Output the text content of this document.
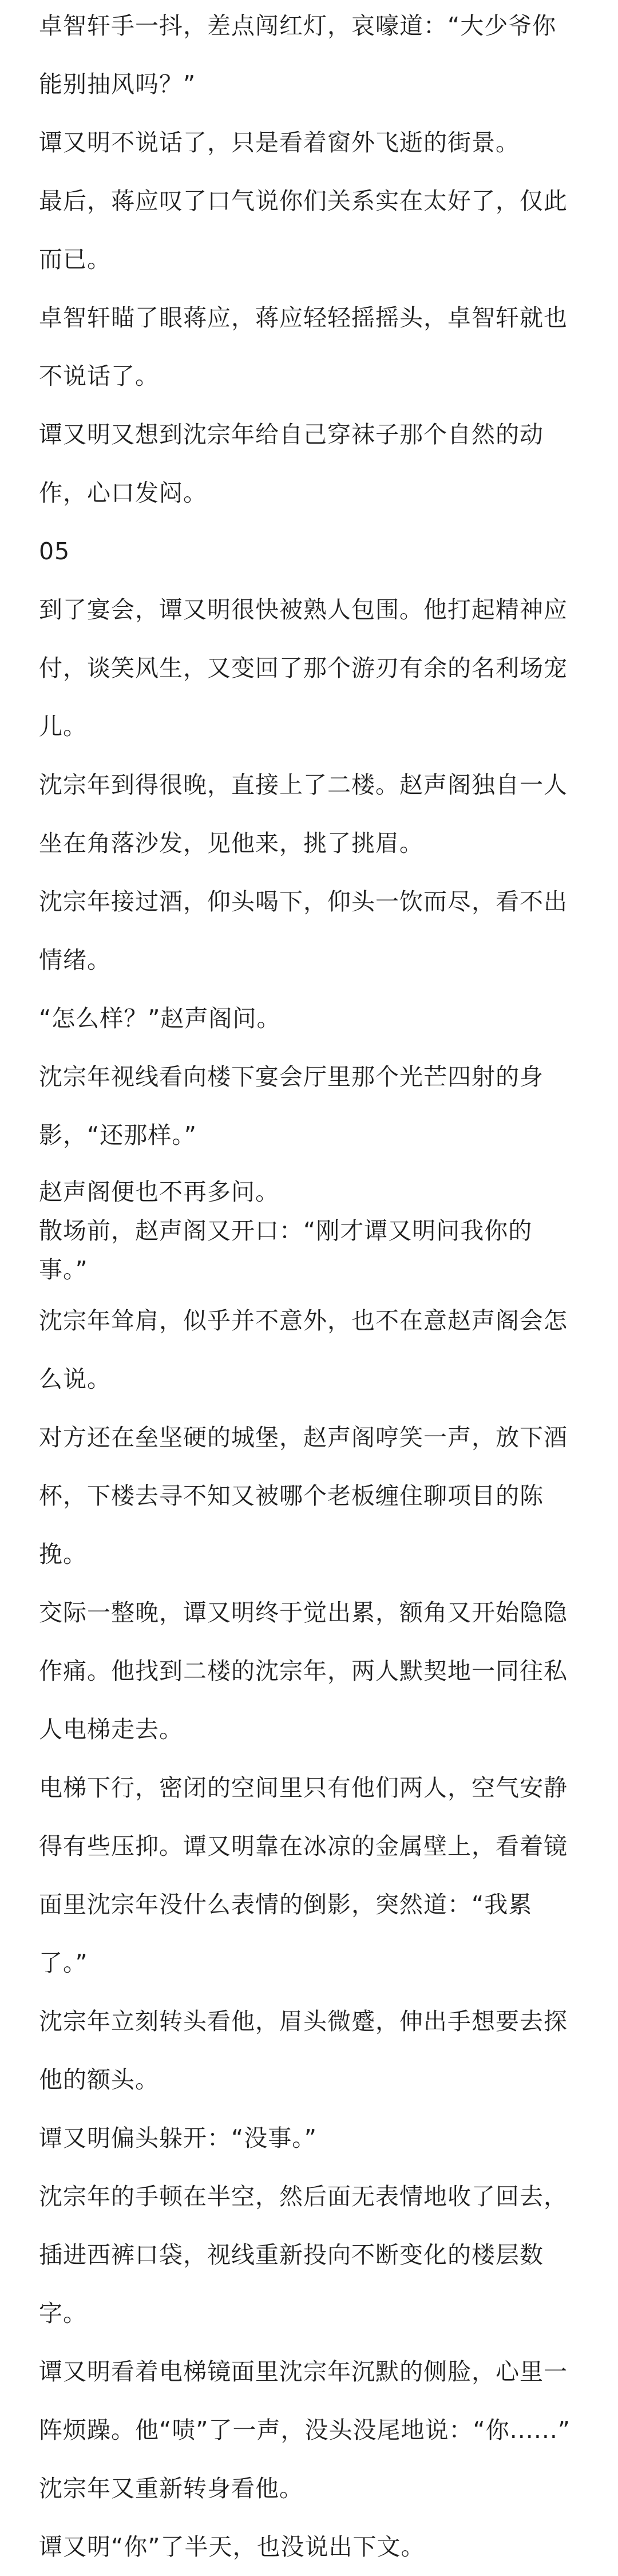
卓智轩手一抖，差点闯红灯，哀嚎道：“大少爷你能别抽风吗？”

谭又明不说话了，只是看着窗外飞逝的街景。

最后，蒋应叹了口气说你们关系实在太好了，仅此而已。

卓智轩瞄了眼蒋应，蒋应轻轻摇摇头，卓智轩就也不说话了。

谭又明又想到沈宗年给自己穿袜子那个自然的动作，心口发闷。

05

到了宴会，谭又明很快被熟人包围。他打起精神应付，谈笑风生，又变回了那个游刃有余的名利场宠儿。

沈宗年到得很晚，直接上了二楼。赵声阁独自一人坐在角落沙发，见他来，挑了挑眉。

沈宗年接过酒，仰头喝下，仰头一饮而尽，看不出情绪。

“怎么样？”赵声阁问。

沈宗年视线看向楼下宴会厅里那个光芒四射的身影，“还那样。”

赵声阁便也不再多问。

散场前，赵声阁又开口：“刚才谭又明问我你的事。”

沈宗年耸肩，似乎并不意外，也不在意赵声阁会怎么说。

对方还在垒坚硬的城堡，赵声阁哼笑一声，放下酒杯，下楼去寻不知又被哪个老板缠住聊项目的陈挽。

交际一整晚，谭又明终于觉出累，额角又开始隐隐作痛。他找到二楼的沈宗年，两人默契地一同往私人电梯走去。

电梯下行，密闭的空间里只有他们两人，空气安静得有些压抑。谭又明靠在冰凉的金属壁上，看着镜面里沈宗年没什么表情的倒影，突然道：“我累了。”

沈宗年立刻转头看他，眉头微蹙，伸出手想要去探他的额头。

谭又明偏头躲开：“没事。”

沈宗年的手顿在半空，然后面无表情地收了回去，插进西裤口袋，视线重新投向不断变化的楼层数字。

谭又明看着电梯镜面里沈宗年沉默的侧脸，心里一阵烦躁。他“啧”了一声，没头没尾地说：“你......”

沈宗年又重新转身看他。

谭又明“你”了半天，也没说出下文。
